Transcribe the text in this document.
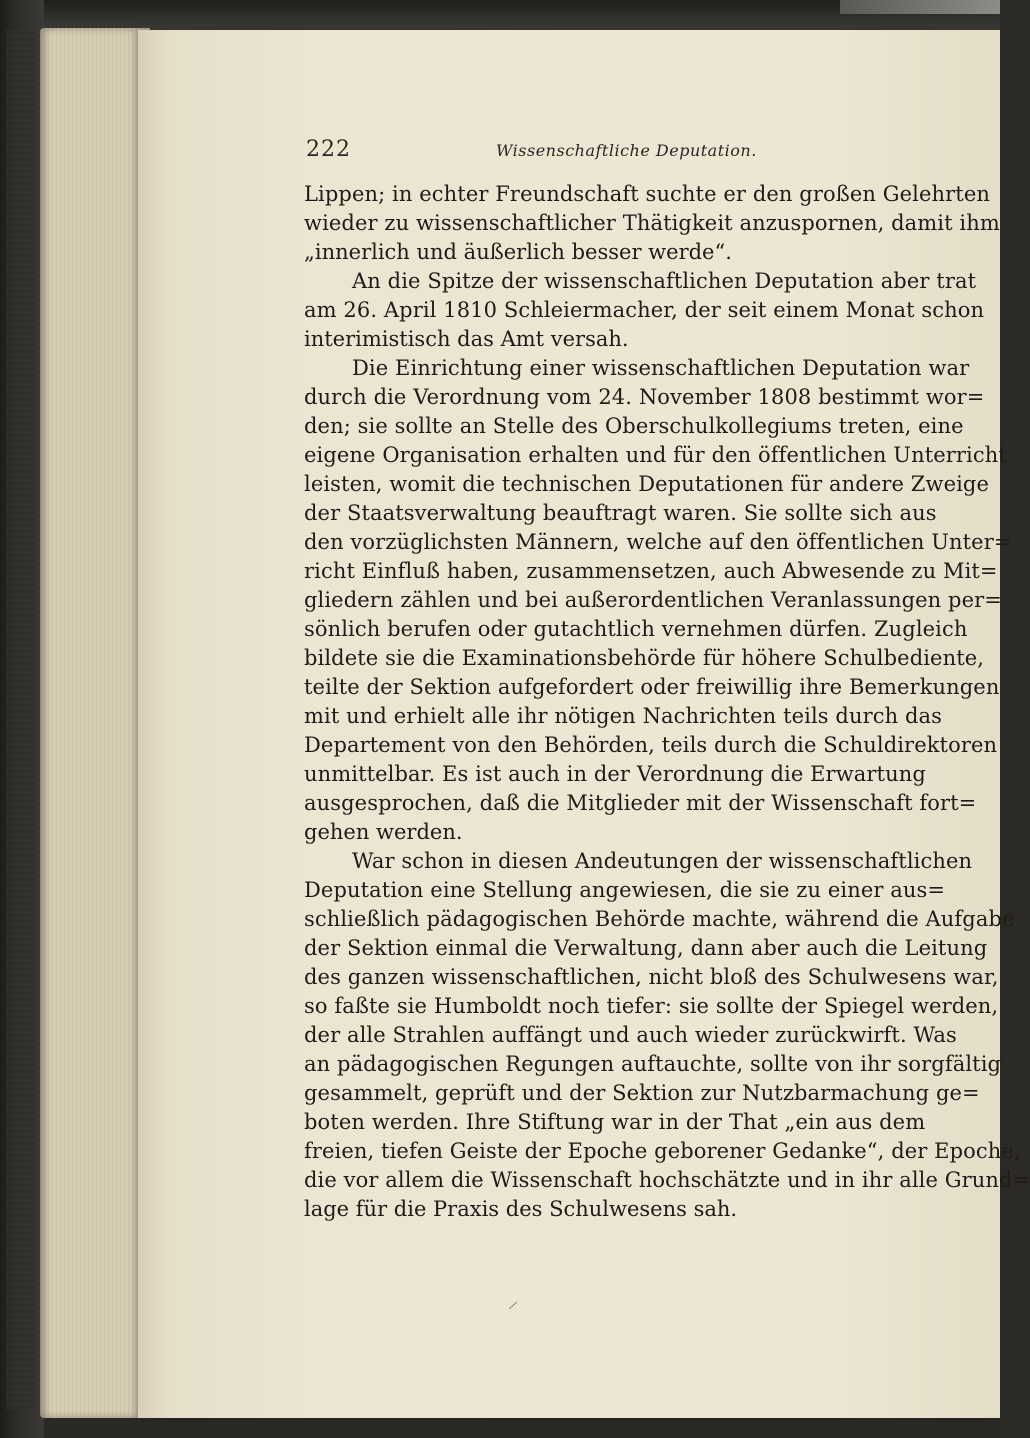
222	Wissenschaftliche Deputation.
Lippen; in echter Freundschaft suchte er den großen Gelehrten
wieder zu wissenschaftlicher Thätigkeit anzuspornen, damit ihm
„innerlich und äußerlich besser werde“.
An die Spitze der wissenschaftlichen Deputation aber trat
am 26. April 1810 Schleiermacher, der seit einem Monat schon
interimistisch das Amt versah.
Die Einrichtung einer wissenschaftlichen Deputation war
durch die Verordnung vom 24. November 1808 bestimmt wor=
den; sie sollte an Stelle des Oberschulkollegiums treten, eine
eigene Organisation erhalten und für den öffentlichen Unterricht
leisten, womit die technischen Deputationen für andere Zweige
der Staatsverwaltung beauftragt waren. Sie sollte sich aus
den vorzüglichsten Männern, welche auf den öffentlichen Unter=
richt Einfluß haben, zusammensetzen, auch Abwesende zu Mit=
gliedern zählen und bei außerordentlichen Veranlassungen per=
sönlich berufen oder gutachtlich vernehmen dürfen. Zugleich
bildete sie die Examinationsbehörde für höhere Schulbediente,
teilte der Sektion aufgefordert oder freiwillig ihre Bemerkungen
mit und erhielt alle ihr nötigen Nachrichten teils durch das
Departement von den Behörden, teils durch die Schuldirektoren
unmittelbar. Es ist auch in der Verordnung die Erwartung
ausgesprochen, daß die Mitglieder mit der Wissenschaft fort=
gehen werden.
War schon in diesen Andeutungen der wissenschaftlichen
Deputation eine Stellung angewiesen, die sie zu einer aus=
schließlich pädagogischen Behörde machte, während die Aufgabe
der Sektion einmal die Verwaltung, dann aber auch die Leitung
des ganzen wissenschaftlichen, nicht bloß des Schulwesens war,
so faßte sie Humboldt noch tiefer: sie sollte der Spiegel werden,
der alle Strahlen auffängt und auch wieder zurückwirft. Was
an pädagogischen Regungen auftauchte, sollte von ihr sorgfältig
gesammelt, geprüft und der Sektion zur Nutzbarmachung ge=
boten werden. Ihre Stiftung war in der That „ein aus dem
freien, tiefen Geiste der Epoche geborener Gedanke“, der Epoche,
die vor allem die Wissenschaft hochschätzte und in ihr alle Grund=
lage für die Praxis des Schulwesens sah.
